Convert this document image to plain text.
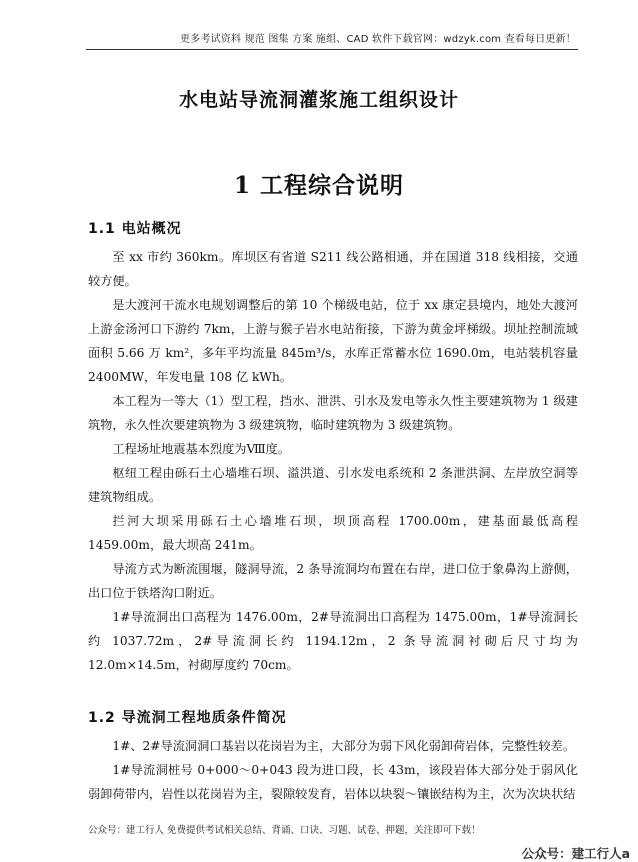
更多考试资料 规范 图集 方案 施组、CAD 软件下载官网：wdzyk.com 查看每日更新！
水电站导流洞灌浆施工组织设计
1 工程综合说明
1.1 电站概况

至 xx 市约 360km。库坝区有省道 S211 线公路相通，并在国道 318 线相接，交通较方便。

是大渡河干流水电规划调整后的第 10 个梯级电站，位于 xx 康定县境内，地处大渡河上游金汤河口下游约 7km，上游与猴子岩水电站衔接，下游为黄金坪梯级。坝址控制流域面积 5.66 万 km²，多年平均流量 845m³/s，水库正常蓄水位 1690.0m，电站装机容量 2400MW，年发电量 108 亿 kWh。

本工程为一等大（1）型工程，挡水、泄洪、引水及发电等永久性主要建筑物为 1 级建筑物，永久性次要建筑物为 3 级建筑物，临时建筑物为 3 级建筑物。

工程场址地震基本烈度为Ⅷ度。

枢纽工程由砾石土心墙堆石坝、溢洪道、引水发电系统和 2 条泄洪洞、左岸放空洞等建筑物组成。

拦河大坝采用砾石土心墙堆石坝，坝顶高程 1700.00m，建基面最低高程 1459.00m，最大坝高 241m。

导流方式为断流围堰，隧洞导流，2 条导流洞均布置在右岸，进口位于象鼻沟上游侧，出口位于铁塔沟口附近。

1#导流洞出口高程为 1476.00m，2#导流洞出口高程为 1475.00m，1#导流洞长约 1037.72m，2#导流洞长约 1194.12m，2 条导流洞衬砌后尺寸均为 12.0m×14.5m，衬砌厚度约 70cm。

1.2 导流洞工程地质条件简况

1#、2#导流洞洞口基岩以花岗岩为主，大部分为弱下风化弱卸荷岩体，完整性较差。

1#导流洞桩号 0+000～0+043 段为进口段，长 43m，该段岩体大部分处于弱风化弱卸荷带内，岩性以花岗岩为主，裂隙较发育，岩体以块裂～镶嵌结构为主，次为次块状结

公众号：建工行人 免费提供考试相关总结、背诵、口诀、习题、试卷、押题，关注即可下载！
公众号：建工行人a
